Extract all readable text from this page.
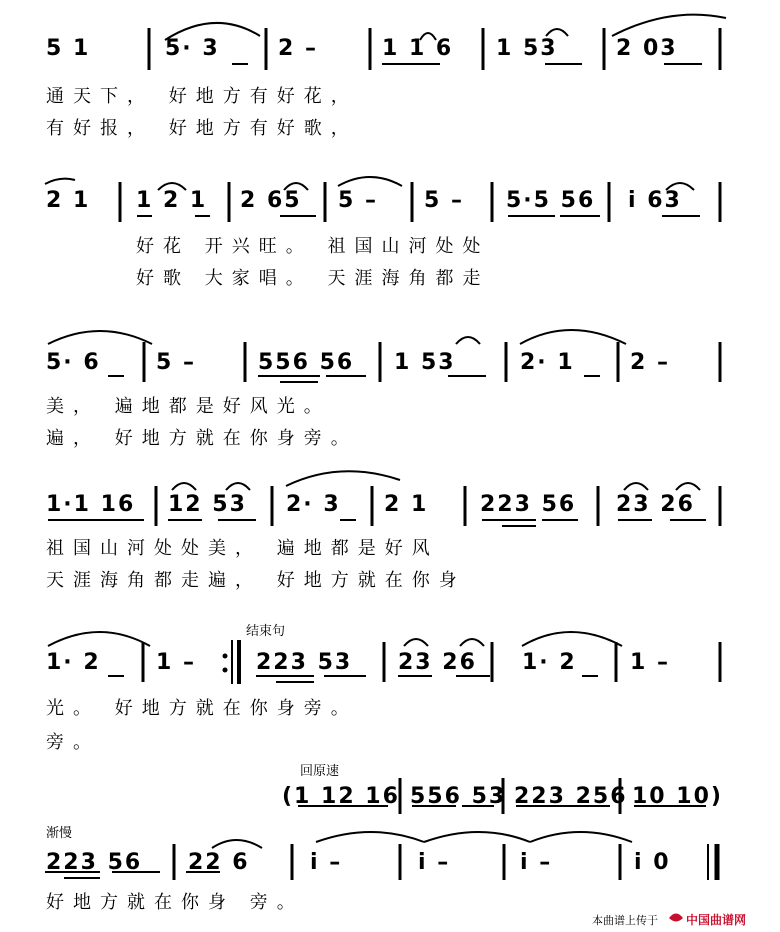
5 1	5· 3	2 –	1 1 6 1 53	2 03
通天下， 好地方有好花，
有好报， 好地方有好歌，
2 1 1 2 1 2 65 5 – 5 – 5·5 56 i 63
好花 开兴旺。 祖国山河处处
好歌 大家唱。 天涯海角都走
5· 6	5 –	556 56 1 53	2· 1	2 –
美， 遍地都是好风光。
遍， 好地方就在你身旁。
1·1 16 12 53 2· 3 2 1 223 56 23 26
祖国山河处处美， 遍地都是好风
天涯海角都走遍， 好地方就在你身
结束句
1· 2	1 –	223 53 23 26 1· 2 1 –
光。 好地方就在你身旁。
旁。
回原速
(1 12 16 556 53 223 256 10 10)
渐慢
223 56 22 6	i –	i –	i –	i 0
好地方就在你身 旁。
本曲谱上传于 中国曲谱网
